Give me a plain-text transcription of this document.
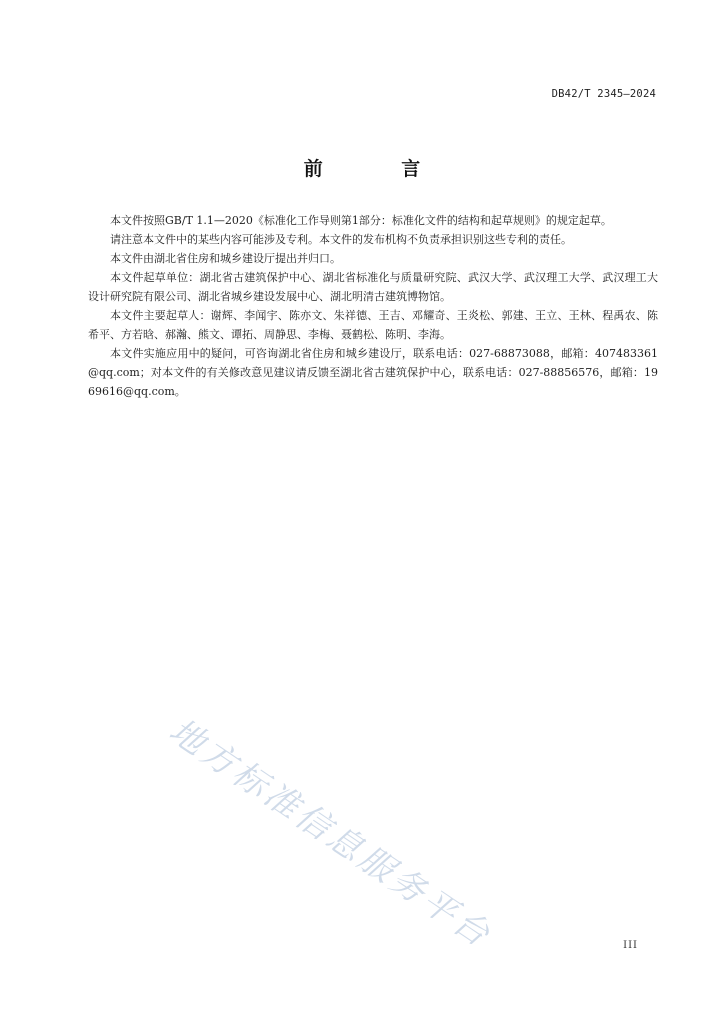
DB42/T 2345—2024
前 言

本文件按照GB/T 1.1—2020《标准化工作导则第1部分：标准化文件的结构和起草规则》的规定起草。

请注意本文件中的某些内容可能涉及专利。本文件的发布机构不负责承担识别这些专利的责任。

本文件由湖北省住房和城乡建设厅提出并归口。

本文件起草单位：湖北省古建筑保护中心、湖北省标准化与质量研究院、武汉大学、武汉理工大学、武汉理工大设计研究院有限公司、湖北省城乡建设发展中心、湖北明清古建筑博物馆。

本文件主要起草人：谢辉、李闻宇、陈亦文、朱祥德、王吉、邓耀奇、王炎松、郭建、王立、王林、程禹农、陈希平、方若晗、郝瀚、熊文、谭拓、周静思、李梅、聂鹤松、陈明、李海。

本文件实施应用中的疑问，可咨询湖北省住房和城乡建设厅，联系电话：027-68873088，邮箱：407483361@qq.com；对本文件的有关修改意见建议请反馈至湖北省古建筑保护中心，联系电话：027-88856576，邮箱：1969616@qq.com。

地方标准信息服务平台	III
